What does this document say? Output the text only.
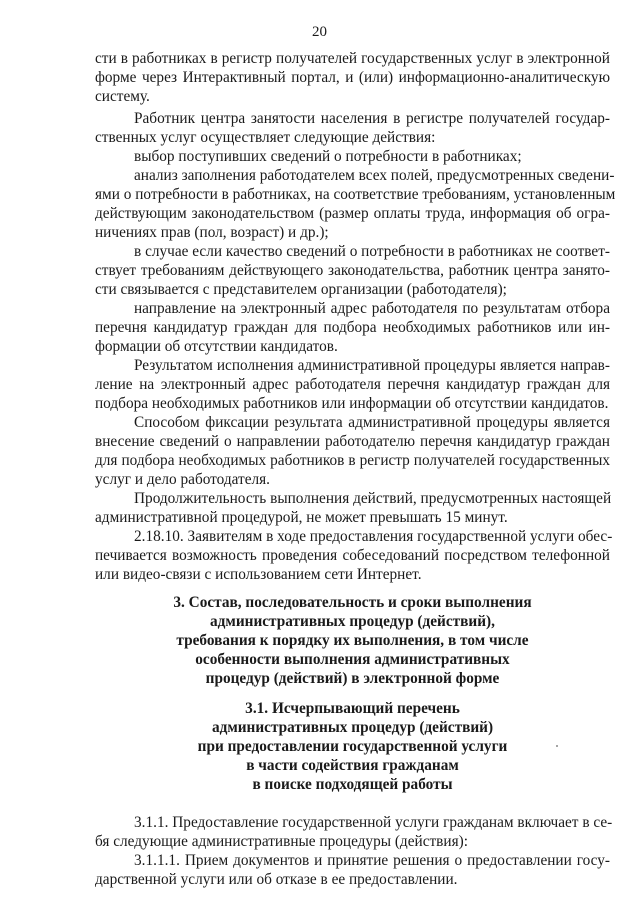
20
сти в работниках в регистр получателей государственных услуг в электронной
форме через Интерактивный портал, и (или) информационно-аналитическую
систему.
Работник центра занятости населения в регистре получателей государ-
ственных услуг осуществляет следующие действия:
выбор поступивших сведений о потребности в работниках;
анализ заполнения работодателем всех полей, предусмотренных сведени-
ями о потребности в работниках, на соответствие требованиям, установленным
действующим законодательством (размер оплаты труда, информация об огра-
ничениях прав (пол, возраст) и др.);
в случае если качество сведений о потребности в работниках не соответ-
ствует требованиям действующего законодательства, работник центра занято-
сти связывается с представителем организации (работодателя);
направление на электронный адрес работодателя по результатам отбора
перечня кандидатур граждан для подбора необходимых работников или ин-
формации об отсутствии кандидатов.
Результатом исполнения административной процедуры является направ-
ление на электронный адрес работодателя перечня кандидатур граждан для
подбора необходимых работников или информации об отсутствии кандидатов.
Способом фиксации результата административной процедуры является
внесение сведений о направлении работодателю перечня кандидатур граждан
для подбора необходимых работников в регистр получателей государственных
услуг и дело работодателя.
Продолжительность выполнения действий, предусмотренных настоящей
административной процедурой, не может превышать 15 минут.
2.18.10. Заявителям в ходе предоставления государственной услуги обес-
печивается возможность проведения собеседований посредством телефонной
или видео-связи с использованием сети Интернет.
3. Состав, последовательность и сроки выполнения
административных процедур (действий),
требования к порядку их выполнения, в том числе
особенности выполнения административных
процедур (действий) в электронной форме
3.1. Исчерпывающий перечень
административных процедур (действий)
при предоставлении государственной услуги
в части содействия гражданам
в поиске подходящей работы
3.1.1. Предоставление государственной услуги гражданам включает в се-
бя следующие административные процедуры (действия):
3.1.1.1. Прием документов и принятие решения о предоставлении госу-
дарственной услуги или об отказе в ее предоставлении.
